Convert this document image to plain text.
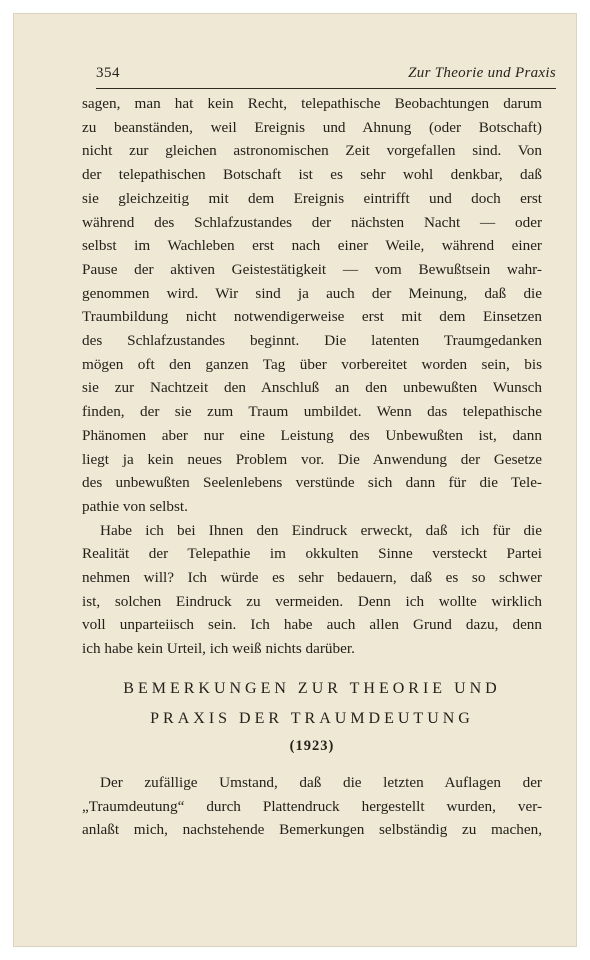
354	Zur Theorie und Praxis
sagen, man hat kein Recht, telepathische Beobachtungen darum
zu beanständen, weil Ereignis und Ahnung (oder Botschaft)
nicht zur gleichen astronomischen Zeit vorgefallen sind. Von
der telepathischen Botschaft ist es sehr wohl denkbar, daß
sie gleichzeitig mit dem Ereignis eintrifft und doch erst
während des Schlafzustandes der nächsten Nacht — oder
selbst im Wachleben erst nach einer Weile, während einer
Pause der aktiven Geistestätigkeit — vom Bewußtsein wahr-
genommen wird. Wir sind ja auch der Meinung, daß die
Traumbildung nicht notwendigerweise erst mit dem Einsetzen
des Schlafzustandes beginnt. Die latenten Traumgedanken
mögen oft den ganzen Tag über vorbereitet worden sein, bis
sie zur Nachtzeit den Anschluß an den unbewußten Wunsch
finden, der sie zum Traum umbildet. Wenn das telepathische
Phänomen aber nur eine Leistung des Unbewußten ist, dann
liegt ja kein neues Problem vor. Die Anwendung der Gesetze
des unbewußten Seelenlebens verstünde sich dann für die Tele-
pathie von selbst.
Habe ich bei Ihnen den Eindruck erweckt, daß ich für die
Realität der Telepathie im okkulten Sinne versteckt Partei
nehmen will? Ich würde es sehr bedauern, daß es so schwer
ist, solchen Eindruck zu vermeiden. Denn ich wollte wirklich
voll unparteiisch sein. Ich habe auch allen Grund dazu, denn
ich habe kein Urteil, ich weiß nichts darüber.
BEMERKUNGEN ZUR THEORIE UND
PRAXIS DER TRAUMDEUTUNG
(1923)
Der zufällige Umstand, daß die letzten Auflagen der
„Traumdeutung“ durch Plattendruck hergestellt wurden, ver-
anlaßt mich, nachstehende Bemerkungen selbständig zu machen,
